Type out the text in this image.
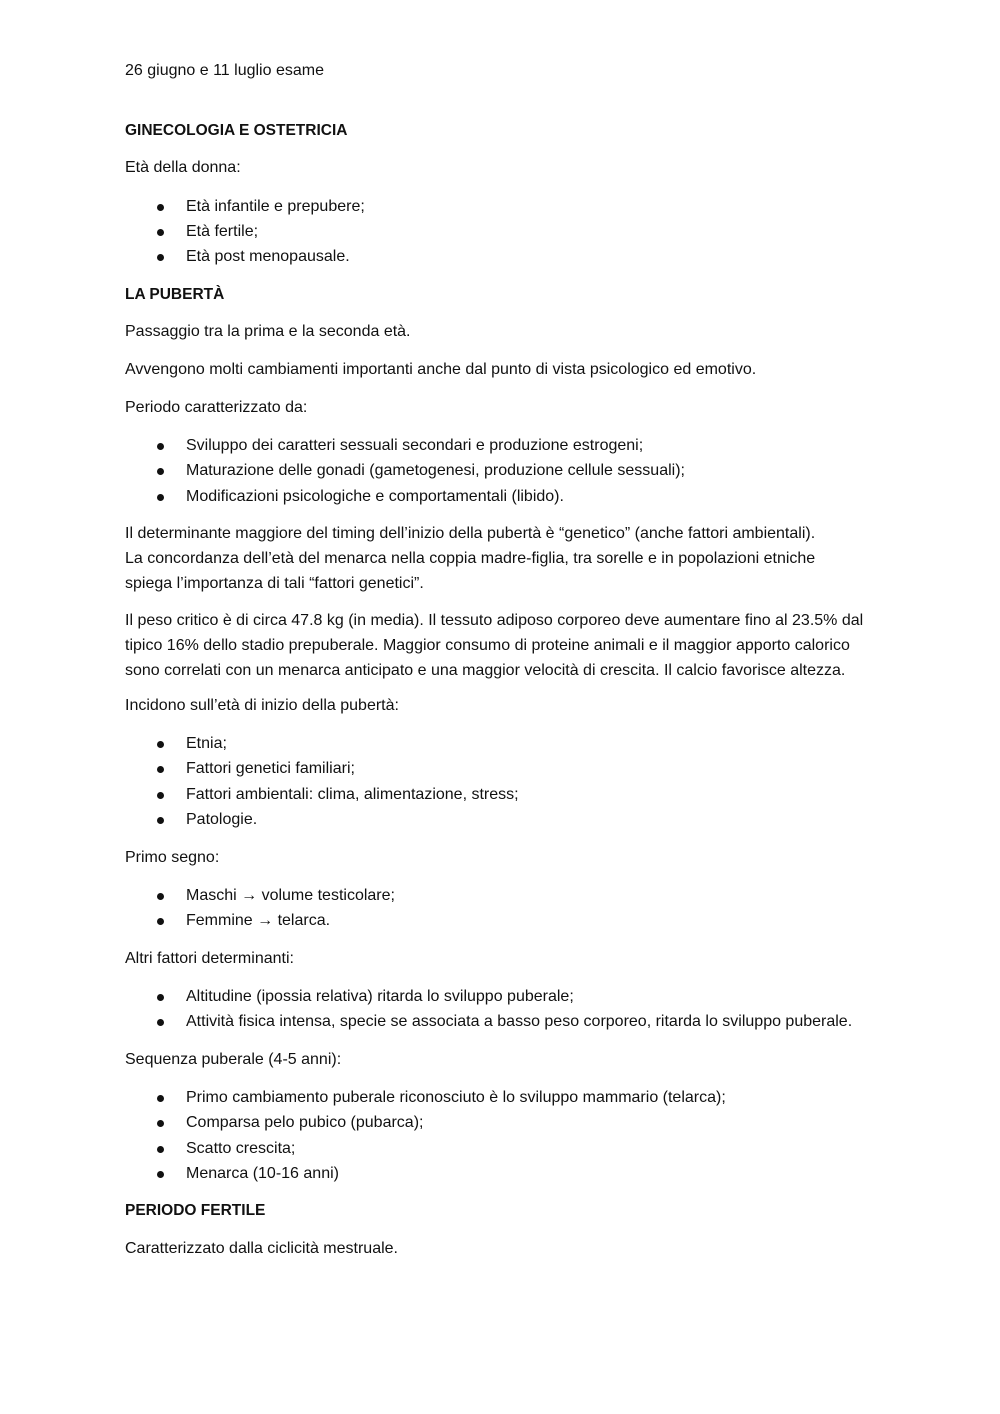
26 giugno e 11 luglio esame
GINECOLOGIA E OSTETRICIA
Età della donna:
Età infantile e prepubere;
Età fertile;
Età post menopausale.
LA PUBERTÀ
Passaggio tra la prima e la seconda età.
Avvengono molti cambiamenti importanti anche dal punto di vista psicologico ed emotivo.
Periodo caratterizzato da:
Sviluppo dei caratteri sessuali secondari e produzione estrogeni;
Maturazione delle gonadi (gametogenesi, produzione cellule sessuali);
Modificazioni psicologiche e comportamentali (libido).
Il determinante maggiore del timing dell’inizio della pubertà è “genetico” (anche fattori ambientali).
La concordanza dell’età del menarca nella coppia madre-figlia, tra sorelle e in popolazioni etniche
spiega l’importanza di tali “fattori genetici”.
Il peso critico è di circa 47.8 kg (in media). Il tessuto adiposo corporeo deve aumentare fino al 23.5% dal
tipico 16% dello stadio prepuberale. Maggior consumo di proteine animali e il maggior apporto calorico
sono correlati con un menarca anticipato e una maggior velocità di crescita. Il calcio favorisce altezza.
Incidono sull’età di inizio della pubertà:
Etnia;
Fattori genetici familiari;
Fattori ambientali: clima, alimentazione, stress;
Patologie.
Primo segno:
Maschi → volume testicolare;
Femmine → telarca.
Altri fattori determinanti:
Altitudine (ipossia relativa) ritarda lo sviluppo puberale;
Attività fisica intensa, specie se associata a basso peso corporeo, ritarda lo sviluppo puberale.
Sequenza puberale (4-5 anni):
Primo cambiamento puberale riconosciuto è lo sviluppo mammario (telarca);
Comparsa pelo pubico (pubarca);
Scatto crescita;
Menarca (10-16 anni)
PERIODO FERTILE
Caratterizzato dalla ciclicità mestruale.
